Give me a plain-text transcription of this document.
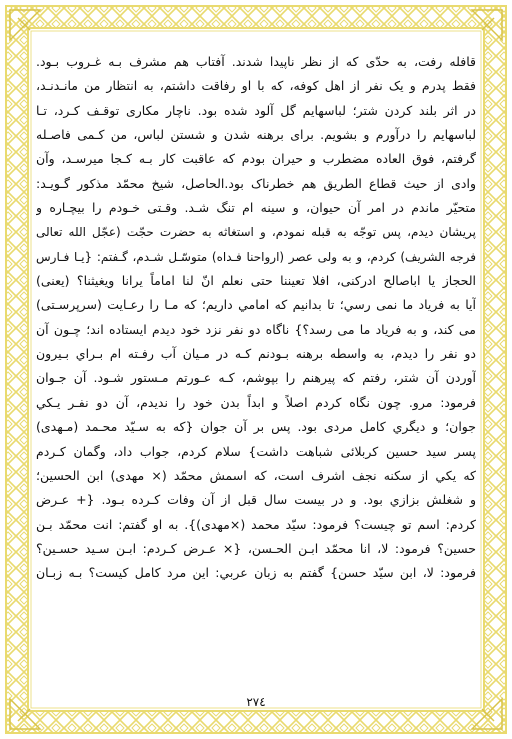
قافله رفت، به حدّی که از نظر ناپیدا شدند. آفتاب هم مشرف بـه غـروب بـود.
فقط پدرم و یک نفر از اهل کوفه، که با او رفاقت داشتم، به انتظار من مانـدنـد،
در اثر بلند کردن شتر؛ لباسهایم گل آلود شده بود. ناچار مکاری توقـف کـرد، تـا
لباسهایم را درآورم و بشویم. برای برهنه شدن و شستن لباس، من کـمی فاصـله
گرفتم، فوق العاده مضطرب و حیران بودم که عاقبت کار بـه کـجا میرسـد، وآن
وادی از حیث قطاع الطریق هم خطرناک بود.الحاصل، شیخ محمّد مذکور گـویـد:
متحیّر ماندم در امر آن حیوان، و سینه ام تنگ شـد. وقـتی خـودم را بیچـاره و
پریشان دیدم، پس توجّه به قبله نمودم، و استغاثه به حضرت حجّت (عجّل الله تعالی
فرجه الشریف) کردم، و به ولی عصر (ارواحنا فـداه) متوسّـل شـدم، گـفتم: {یـا فـارس
الحجاز یا اباصالح ادرکنی، افلا تعیننا حتی نعلم انّ لنا اماماً یرانا ویغیثنا؟ (یعنی)
آیا به فریاد ما نمی رسي؛ تا بدانیم که امامي داریم؛ که مـا را رعـایت (سرپرسـتی)
می کند، و به فریاد ما می رسد؟} ناگاه دو نفر نزد خود دیدم ایستاده اند؛ چـون آن
دو نفر را دیدم، به واسطه برهنه بـودنم کـه در مـیان آب رفـته ام بـراي بـیرون
آوردن آن شتر، رفتم که پیرهنم را بپوشم، کـه عـورتم مـستور شـود. آن جـوان
فرمود: مرو. چون نگاه کردم اصلاً و ابداً بدن خود را ندیدم، آن دو نفـر یـکي
جوان؛ و دیگري کامل مردی بود. پس بر آن جوان {که به سـیّد محـمد (مـهدی)
پسر سید حسین کربلائی شباهت داشت} سلام کردم، جواب داد، وگمان کـردم
که یکي از سکنه نجف اشرف است، که اسمش محمّد (× مهدی) ابن الحسین؛
و شغلش بزازي بود. و در بیست سال قبل از آن وفات کـرده بـود. {+ عـرض
کردم: اسم تو چیست؟ فرمود: سیّد محمد (×مهدی)}. به او گفتم: انت محمّد بـن
حسین؟ فرمود: لا، انا محمّد ابـن الحـسن، {× عـرض کـردم: ابـن سـید حسـین؟
فرمود: لا، ابن سیّد حسن} گفتم به زبان عربي: این مرد کامل کیست؟ بـه زبـان
٢٧٤
